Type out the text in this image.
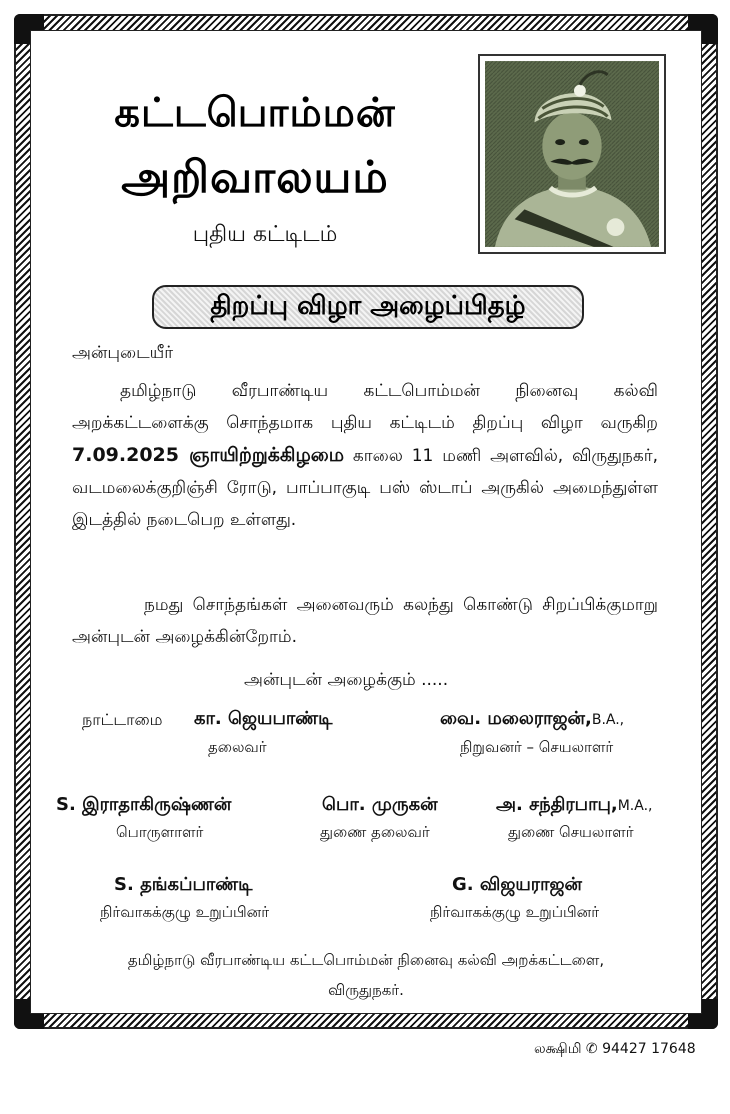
கட்டபொம்மன்
அறிவாலயம்
புதிய கட்டிடம்
திறப்பு விழா அழைப்பிதழ்
அன்புடையீர்
தமிழ்நாடு வீரபாண்டிய கட்டபொம்மன் நினைவு கல்வி அறக்கட்டளைக்கு சொந்தமாக புதிய கட்டிடம் திறப்பு விழா வருகிற 7.09.2025 ஞாயிற்றுக்கிழமை காலை 11 மணி அளவில், விருதுநகர், வடமலைக்குறிஞ்சி ரோடு, பாப்பாகுடி பஸ் ஸ்டாப் அருகில் அமைந்துள்ள இடத்தில் நடைபெற உள்ளது.
நமது சொந்தங்கள் அனைவரும் கலந்து கொண்டு சிறப்பிக்குமாறு அன்புடன் அழைக்கின்றோம்.
அன்புடன் அழைக்கும் .....
நாட்டாமை கா. ஜெயபாண்டி
தலைவர்
வை. மலைராஜன்,B.A.,
நிறுவனர் – செயலாளர்
S. இராதாகிருஷ்ணன்
பொருளாளர்
பொ. முருகன்
துணை தலைவர்
அ. சந்திரபாபு,M.A.,
துணை செயலாளர்
S. தங்கப்பாண்டி
நிர்வாகக்குழு உறுப்பினர்
G. விஜயராஜன்
நிர்வாகக்குழு உறுப்பினர்
தமிழ்நாடு வீரபாண்டிய கட்டபொம்மன் நினைவு கல்வி அறக்கட்டளை,
விருதுநகர்.
லக்ஷிமி ✆ 94427 17648
